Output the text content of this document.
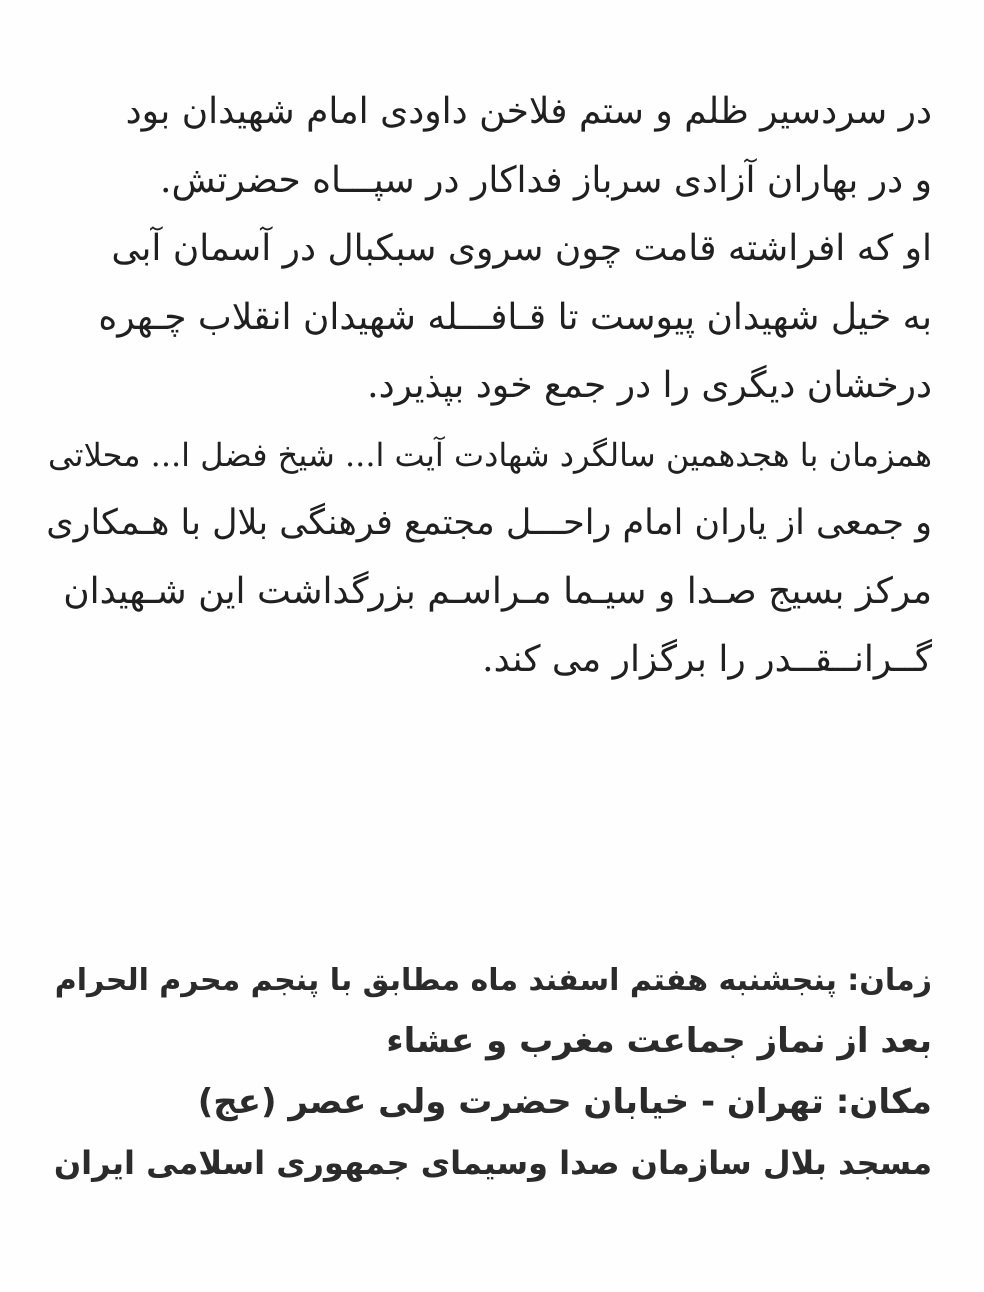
در سردسیر ظلم و ستم فلاخن داودی امام شهیدان بود
و در بهاران آزادی سرباز فداکار در سپـــاه حضرتش.
او که افراشته قامت چون سروی سبکبال در آسمان آبی
به خیل شهیدان پیوست تا قـافـــله شهیدان انقلاب چـهره
درخشان دیگری را در جمع خود بپذیرد.
همزمان با هجدهمین سالگرد شهادت آیت ا... شیخ فضل ا... محلاتی
و جمعی از یاران امام راحـــل مجتمع فرهنگی بلال با هـمکاری
مرکز بسیج صـدا و سیـما مـراسـم بزرگداشت این شـهیدان
گــرانــقــدر را برگزار می کند.
زمان: پنجشنبه هفتم اسفند ماه مطابق با پنجم محرم الحرام
بعد از نماز جماعت مغرب و عشاء
مکان: تهران - خیابان حضرت ولی عصر (عج)
مسجد بلال سازمان صدا وسیمای جمهوری اسلامی ایران
